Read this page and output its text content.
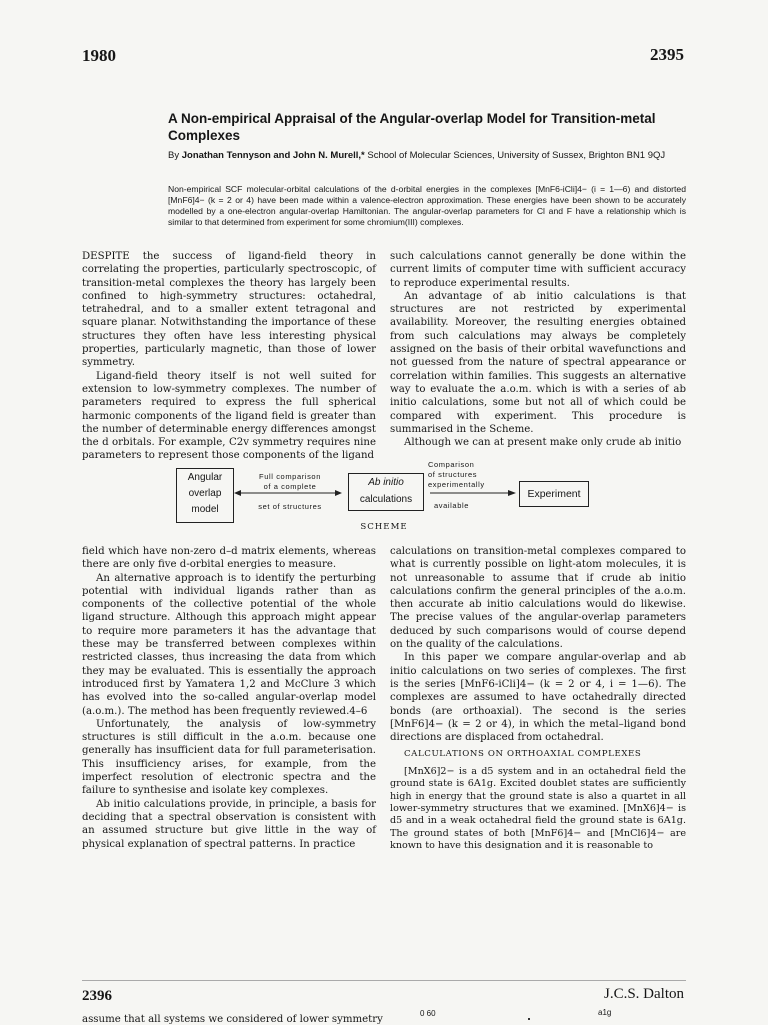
1980	2395
A Non-empirical Appraisal of the Angular-overlap Model for Transition-metal Complexes
By Jonathan Tennyson and John N. Murell,* School of Molecular Sciences, University of Sussex, Brighton BN1 9QJ
Non-empirical SCF molecular-orbital calculations of the d-orbital energies in the complexes [MnF6-iCli]4− (i = 1—6) and distorted [MnF6]4− (k = 2 or 4) have been made within a valence-electron approximation. These energies have been shown to be accurately modelled by a one-electron angular-overlap Hamiltonian. The angular-overlap parameters for Cl and F have a relationship which is similar to that determined from experiment for some chromium(III) complexes.

DESPITE the success of ligand-field theory in correlating the properties, particularly spectroscopic, of transition-metal complexes the theory has largely been confined to high-symmetry structures: octahedral, tetrahedral, and to a smaller extent tetragonal and square planar. Notwithstanding the importance of these structures they often have less interesting physical properties, particularly magnetic, than those of lower symmetry.

Ligand-field theory itself is not well suited for extension to low-symmetry complexes. The number of parameters required to express the full spherical harmonic components of the ligand field is greater than the number of determinable energy differences amongst the d orbitals. For example, C2v symmetry requires nine parameters to represent those components of the ligand

such calculations cannot generally be done within the current limits of computer time with sufficient accuracy to reproduce experimental results.

An advantage of ab initio calculations is that structures are not restricted by experimental availability. Moreover, the resulting energies obtained from such calculations may always be completely assigned on the basis of their orbital wavefunctions and not guessed from the nature of spectral appearance or correlation within families. This suggests an alternative way to evaluate the a.o.m. which is with a series of ab initio calculations, some but not all of which could be compared with experiment. This procedure is summarised in the Scheme.

Although we can at present make only crude ab initio

Angular
overlap
model
Full comparison
of a complete
set of structures
Ab initio
calculations
Comparison
of structures
experimentally
available
Experiment
SCHEME

field which have non-zero d–d matrix elements, whereas there are only five d-orbital energies to measure.

An alternative approach is to identify the perturbing potential with individual ligands rather than as components of the collective potential of the whole ligand structure. Although this approach might appear to require more parameters it has the advantage that these may be transferred between complexes within restricted classes, thus increasing the data from which they may be evaluated. This is essentially the approach introduced first by Yamatera 1,2 and McClure 3 which has evolved into the so-called angular-overlap model (a.o.m.). The method has been frequently reviewed.4–6

Unfortunately, the analysis of low-symmetry structures is still difficult in the a.o.m. because one generally has insufficient data for full parameterisation. This insufficiency arises, for example, from the imperfect resolution of electronic spectra and the failure to synthesise and isolate key complexes.

Ab initio calculations provide, in principle, a basis for deciding that a spectral observation is consistent with an assumed structure but give little in the way of physical explanation of spectral patterns. In practice

calculations on transition-metal complexes compared to what is currently possible on light-atom molecules, it is not unreasonable to assume that if crude ab initio calculations confirm the general principles of the a.o.m. then accurate ab initio calculations would do likewise. The precise values of the angular-overlap parameters deduced by such comparisons would of course depend on the quality of the calculations.

In this paper we compare angular-overlap and ab initio calculations on two series of complexes. The first is the series [MnF6-iCli]4− (k = 2 or 4, i = 1—6). The complexes are assumed to have octahedrally directed bonds (are orthoaxial). The second is the series [MnF6]4− (k = 2 or 4), in which the metal–ligand bond directions are displaced from octahedral.

CALCULATIONS ON ORTHOAXIAL COMPLEXES

[MnX6]2− is a d5 system and in an octahedral field the ground state is 6A1g. Excited doublet states are sufficiently high in energy that the ground state is also a quartet in all lower-symmetry structures that we examined. [MnX6]4− is d5 and in a weak octahedral field the ground state is 6A1g. The ground states of both [MnF6]4− and [MnCl6]4− are known to have this designation and it is reasonable to

2396	J.C.S. Dalton
assume that all systems we considered of lower symmetry
0 60	a1g
